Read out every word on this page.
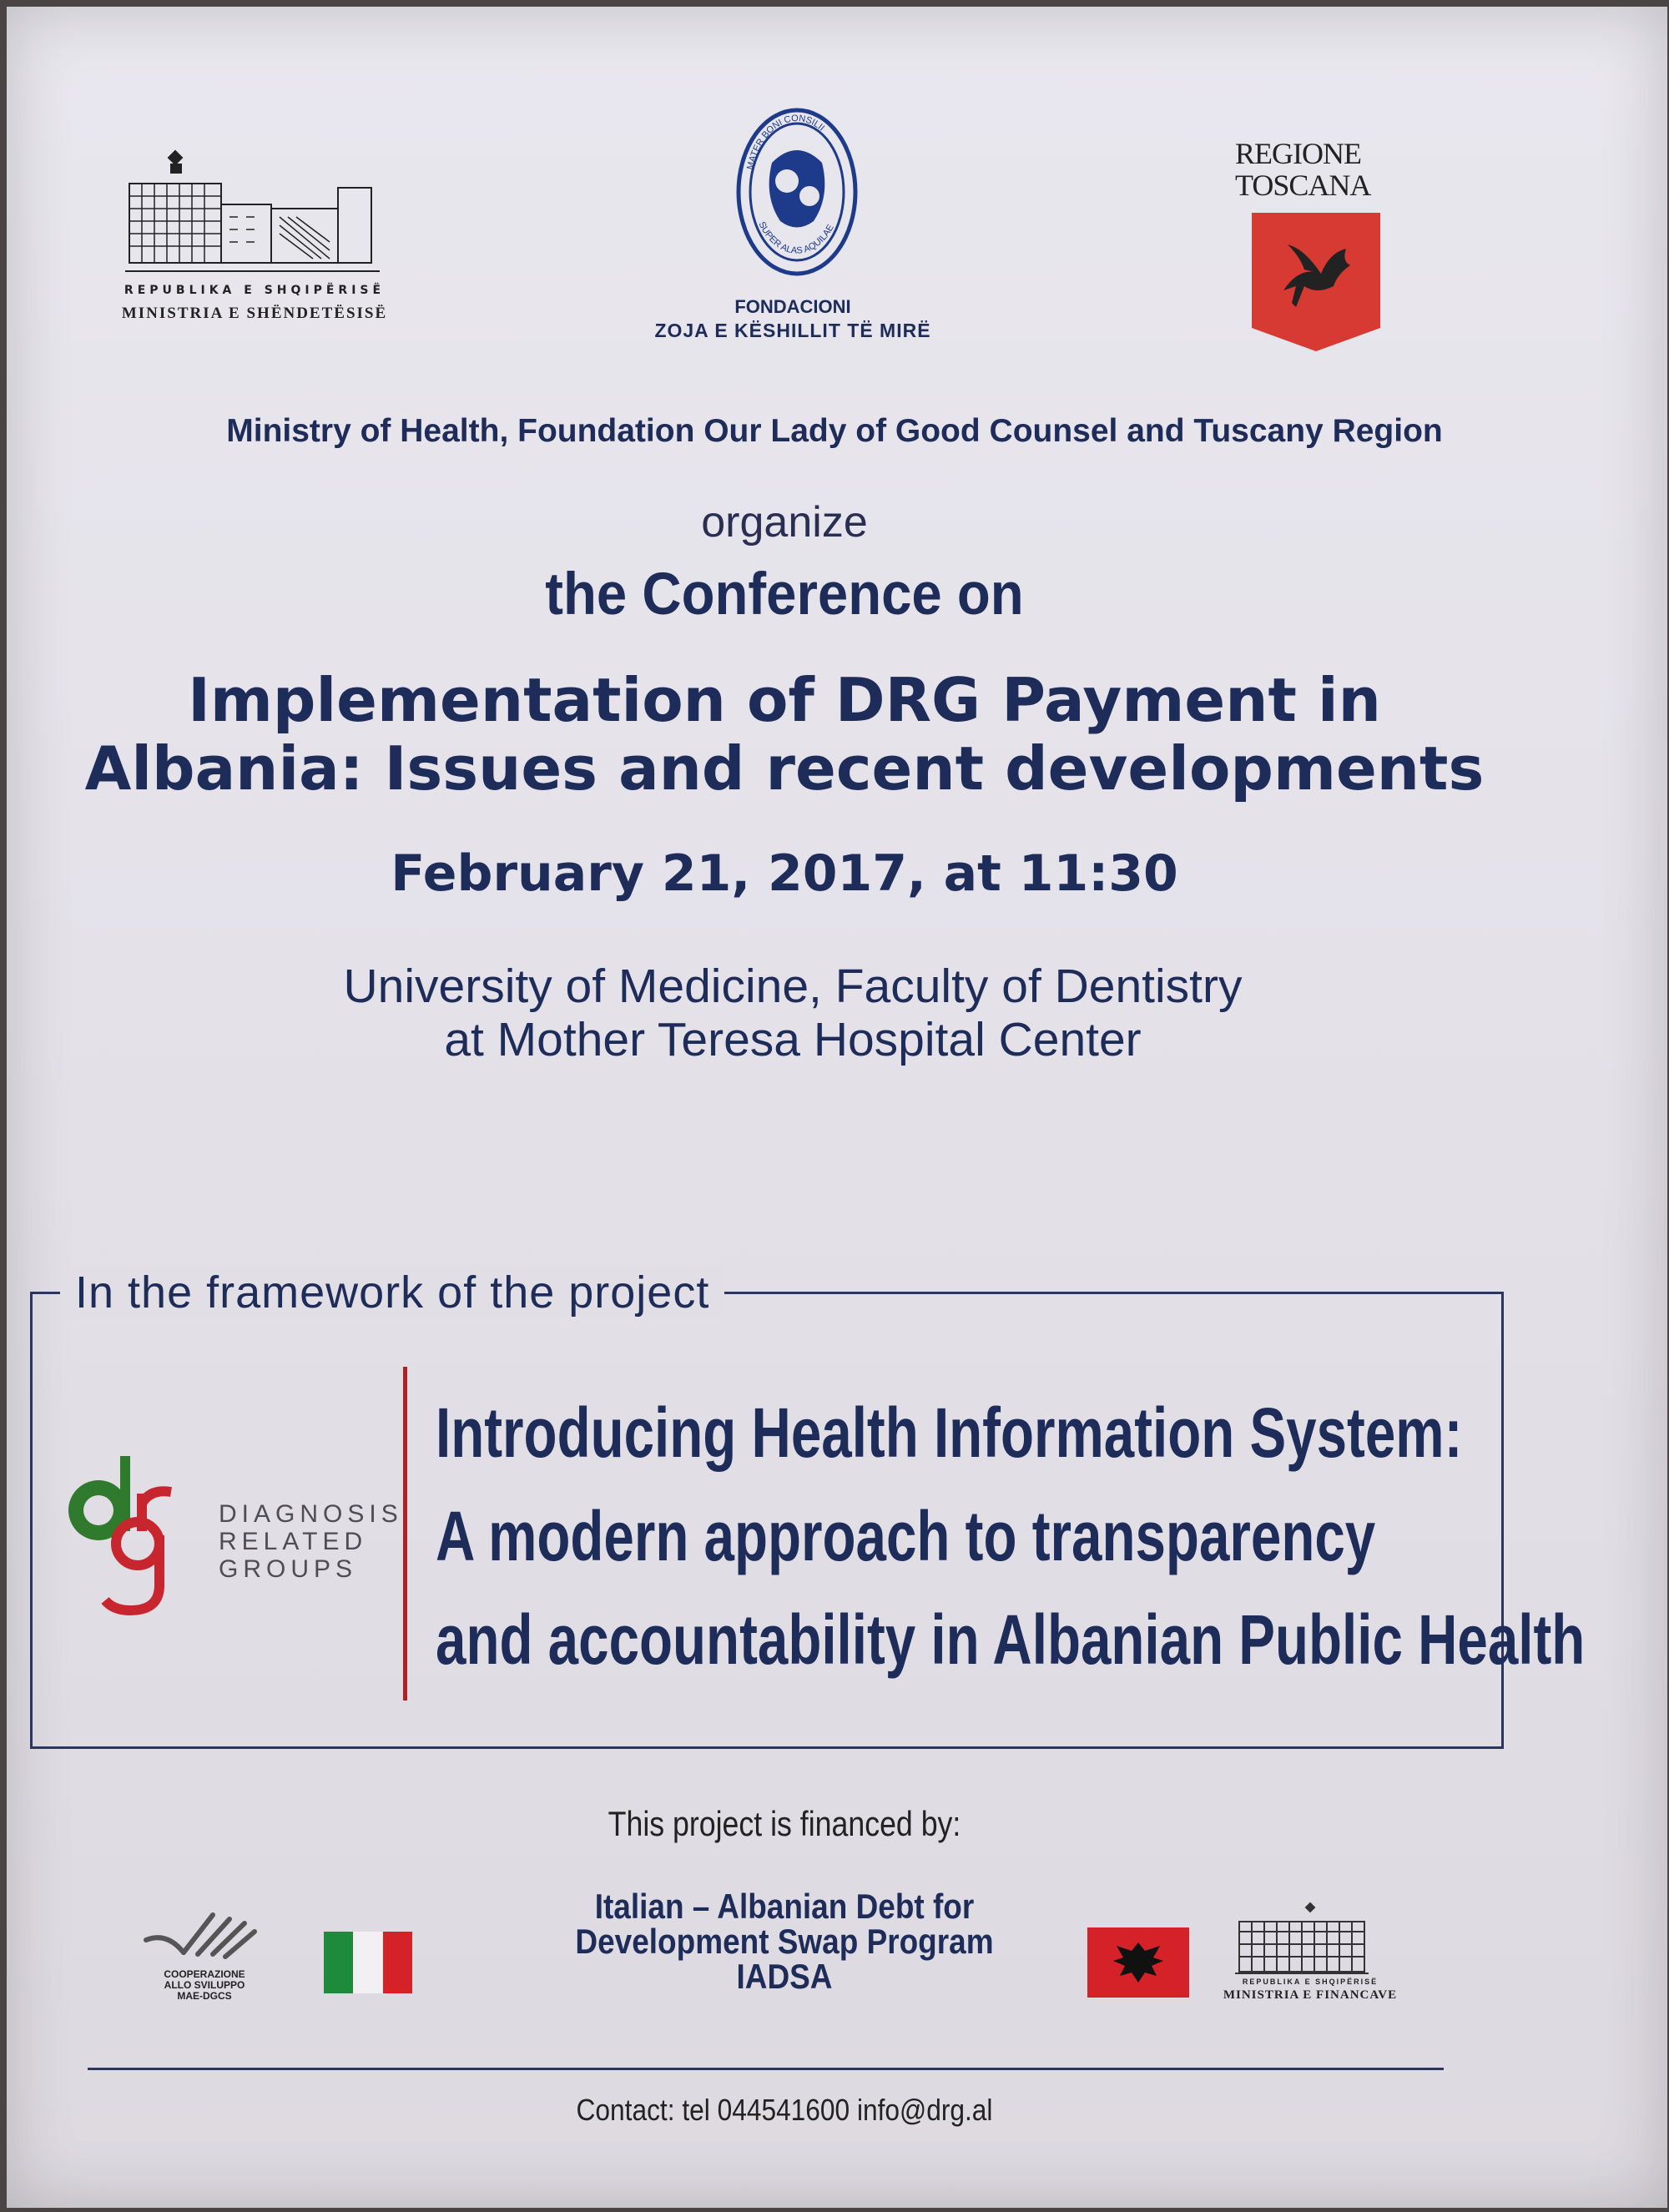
REPUBLIKA E SHQIPËRISË
MINISTRIA E SHËNDETËSISË
MATER BONI CONSILII
SUPER ALAS AQUILAE
FONDACIONI
ZOJA E KËSHILLIT TË MIRË
REGIONE
TOSCANA
Ministry of Health, Foundation Our Lady of Good Counsel and Tuscany Region
organize
the Conference on
Implementation of DRG Payment in
Albania: Issues and recent developments
February 21, 2017, at 11:30
University of Medicine, Faculty of Dentistry
at Mother Teresa Hospital Center
In the framework of the project
DIAGNOSIS
RELATED
GROUPS
Introducing Health Information System:
A modern approach to transparency
and accountability in Albanian Public Health
This project is financed by:
COOPERAZIONE
ALLO SVILUPPO
MAE-DGCS
Italian – Albanian Debt for
Development Swap Program
IADSA	REPUBLIKA E SHQIPËRISË
MINISTRIA E FINANCAVE
Contact: tel 044541600 info@drg.al
